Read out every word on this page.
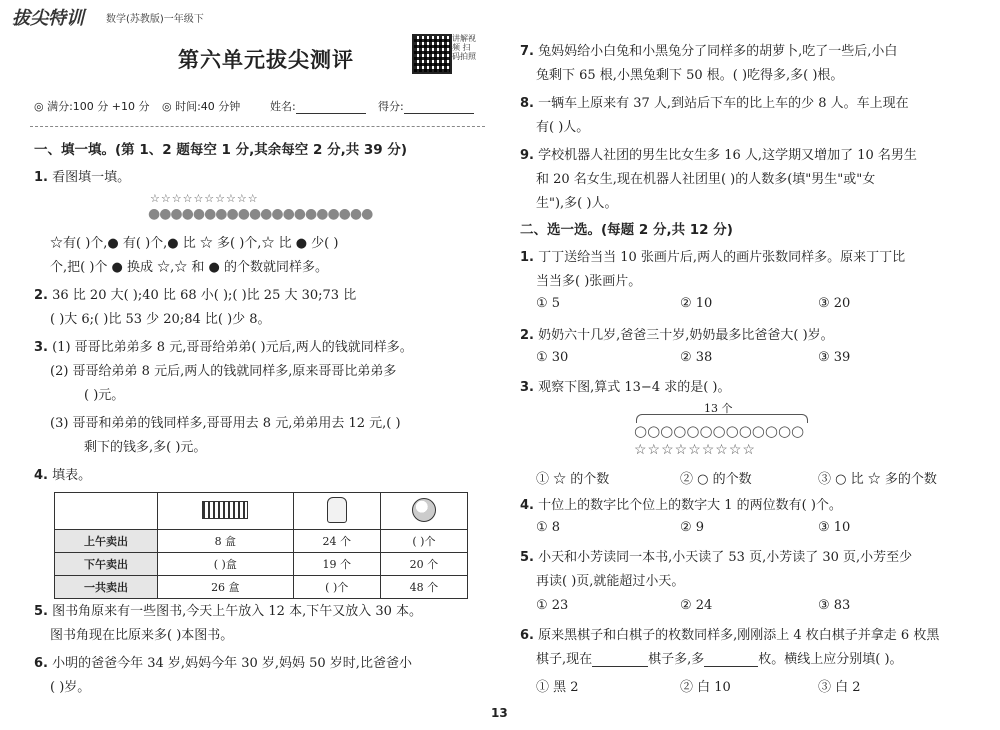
拔尖特训 数学(苏教版)一年级下
第六单元拔尖测评
讲解视频 扫码拍照
◎ 满分:100 分 +10 分 ◎ 时间:40 分钟	姓名:	得分:
一、填一填。(第 1、2 题每空 1 分,其余每空 2 分,共 39 分)
1. 看图填一填。
☆☆☆☆☆☆☆☆☆☆
●●●●●●●●●●●●●●●●●●●●
☆有( )个,● 有( )个,● 比 ☆ 多( )个,☆ 比 ● 少( )
个,把( )个 ● 换成 ☆,☆ 和 ● 的个数就同样多。
2. 36 比 20 大( );40 比 68 小( );( )比 25 大 30;73 比
( )大 6;( )比 53 少 20;84 比( )少 8。
3. (1) 哥哥比弟弟多 8 元,哥哥给弟弟( )元后,两人的钱就同样多。
(2) 哥哥给弟弟 8 元后,两人的钱就同样多,原来哥哥比弟弟多
( )元。
(3) 哥哥和弟弟的钱同样多,哥哥用去 8 元,弟弟用去 12 元,( )
剩下的钱多,多( )元。
4. 填表。

上午卖出	8 盒	24 个	( )个
下午卖出	( )盒	19 个	20 个
一共卖出	26 盒	( )个	48 个
5. 图书角原来有一些图书,今天上午放入 12 本,下午又放入 30 本。
图书角现在比原来多( )本图书。
6. 小明的爸爸今年 34 岁,妈妈今年 30 岁,妈妈 50 岁时,比爸爸小
( )岁。
7. 兔妈妈给小白兔和小黑兔分了同样多的胡萝卜,吃了一些后,小白
兔剩下 65 根,小黑兔剩下 50 根。( )吃得多,多( )根。
8. 一辆车上原来有 37 人,到站后下车的比上车的少 8 人。车上现在
有( )人。
9. 学校机器人社团的男生比女生多 16 人,这学期又增加了 10 名男生
和 20 名女生,现在机器人社团里( )的人数多(填"男生"或"女
生"),多( )人。
二、选一选。(每题 2 分,共 12 分)
1. 丁丁送给当当 10 张画片后,两人的画片张数同样多。原来丁丁比
当当多( )张画片。
① 5	② 10	③ 20
2. 奶奶六十几岁,爸爸三十岁,奶奶最多比爸爸大( )岁。
① 30	② 38	③ 39
3. 观察下图,算式 13−4 求的是( )。
13 个
○○○○○○○○○○○○○
☆☆☆☆☆☆☆☆☆
① ☆ 的个数	② ○ 的个数	③ ○ 比 ☆ 多的个数
4. 十位上的数字比个位上的数字大 1 的两位数有( )个。
① 8	② 9	③ 10
5. 小天和小芳读同一本书,小天读了 53 页,小芳读了 30 页,小芳至少
再读( )页,就能超过小天。
① 23	② 24	③ 83
6. 原来黑棋子和白棋子的枚数同样多,刚刚添上 4 枚白棋子并拿走 6 枚黑
棋子,现在	棋子多,多	枚。横线上应分别填( )。
① 黑 2	② 白 10	③ 白 2
13
